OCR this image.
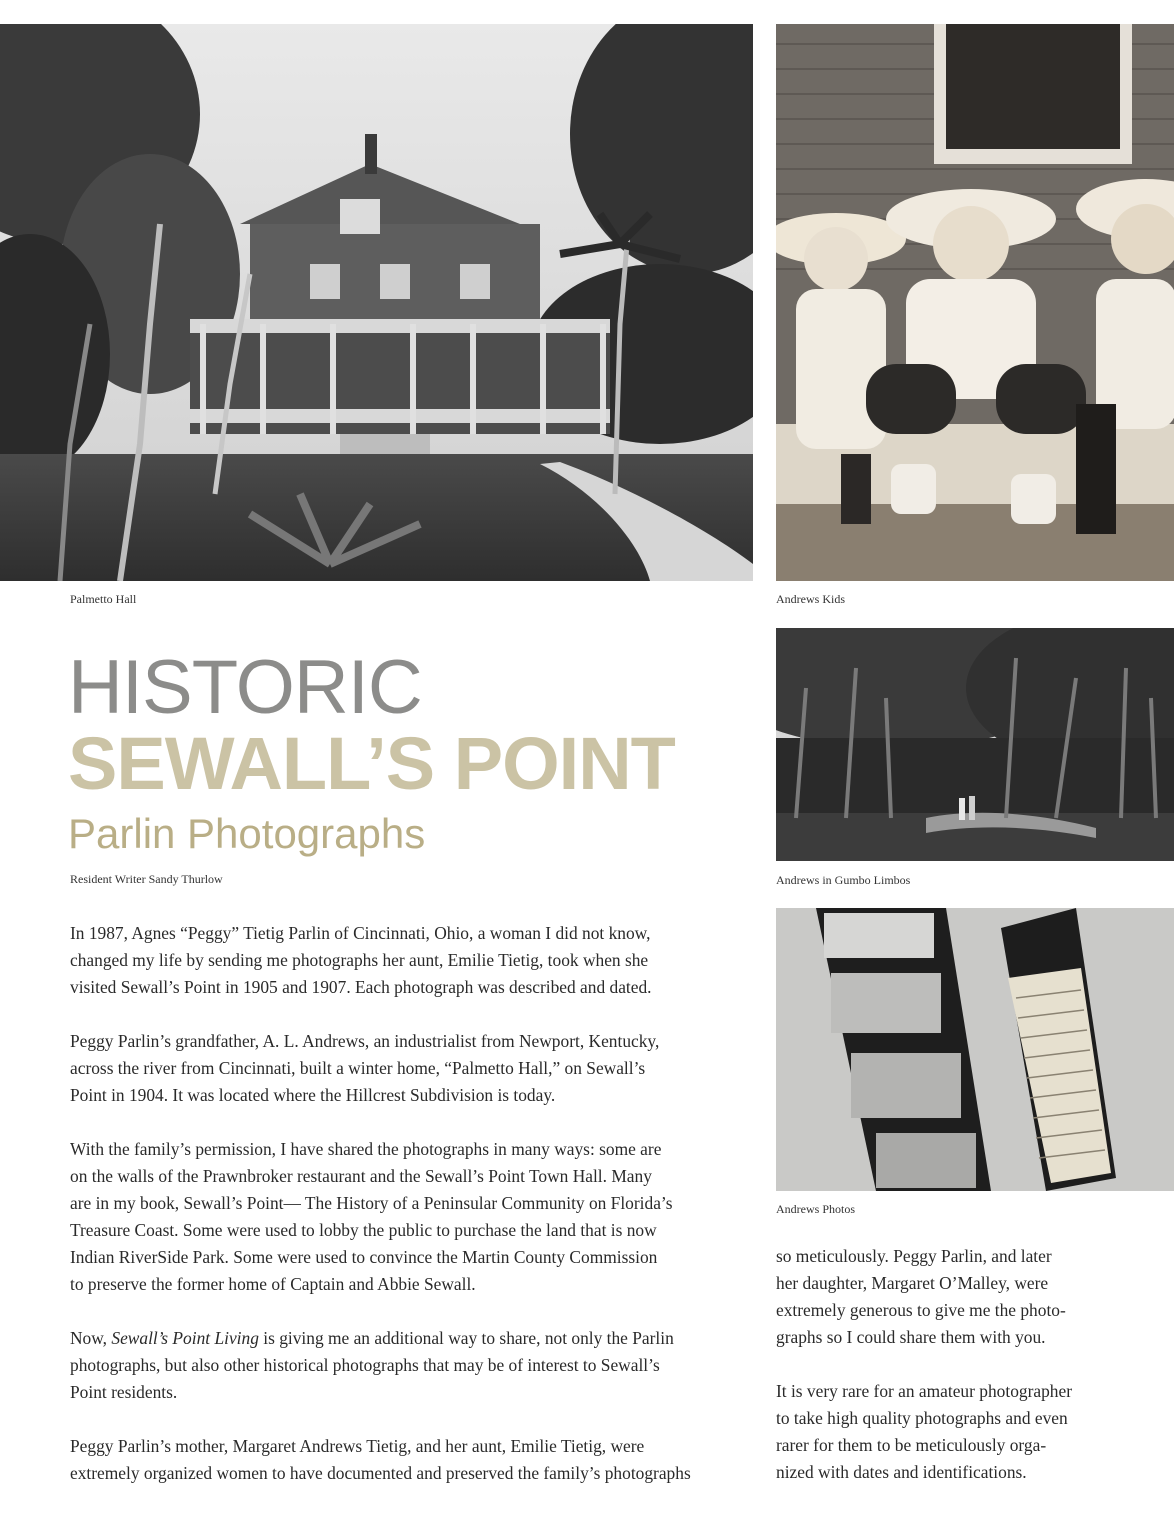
Palmetto Hall	Andrews Kids
Andrews in Gumbo Limbos
Andrews Photos
HISTORIC
SEWALL’S POINT
Parlin Photographs
Resident Writer Sandy Thurlow

In 1987, Agnes “Peggy” Tietig Parlin of Cincinnati, Ohio, a woman I did not know,
changed my life by sending me photographs her aunt, Emilie Tietig, took when she
visited Sewall’s Point in 1905 and 1907. Each photograph was described and dated.

Peggy Parlin’s grandfather, A. L. Andrews, an industrialist from Newport, Kentucky,
across the river from Cincinnati, built a winter home, “Palmetto Hall,” on Sewall’s
Point in 1904. It was located where the Hillcrest Subdivision is today.

With the family’s permission, I have shared the photographs in many ways: some are
on the walls of the Prawnbroker restaurant and the Sewall’s Point Town Hall. Many
are in my book, Sewall’s Point— The History of a Peninsular Community on Florida’s
Treasure Coast. Some were used to lobby the public to purchase the land that is now
Indian RiverSide Park. Some were used to convince the Martin County Commission
to preserve the former home of Captain and Abbie Sewall.

Now, Sewall’s Point Living is giving me an additional way to share, not only the Parlin
photographs, but also other historical photographs that may be of interest to Sewall’s
Point residents.

Peggy Parlin’s mother, Margaret Andrews Tietig, and her aunt, Emilie Tietig, were
extremely organized women to have documented and preserved the family’s photographs

so meticulously. Peggy Parlin, and later
her daughter, Margaret O’Malley, were
extremely generous to give me the photo-
graphs so I could share them with you.

It is very rare for an amateur photographer
to take high quality photographs and even
rarer for them to be meticulously orga-
nized with dates and identifications.
